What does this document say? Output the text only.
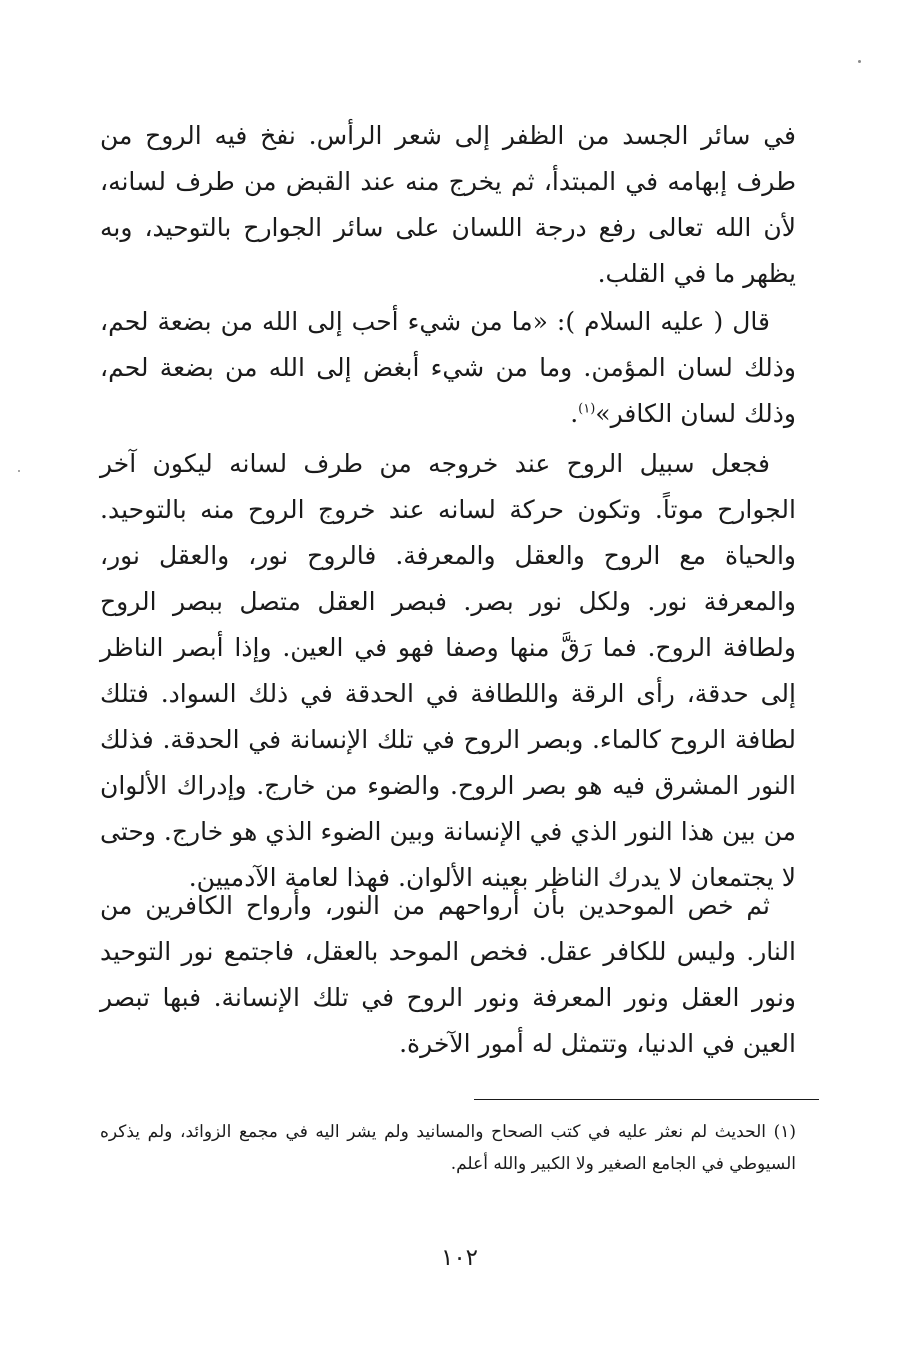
في سائر الجسد من الظفر إلى شعر الرأس. نفخ فيه الروح من طرف إبهامه في المبتدأ، ثم يخرج منه عند القبض من طرف لسانه، لأن الله تعالى رفع درجة اللسان على سائر الجوارح بالتوحيد، وبه يظهر ما في القلب.

قال ( عليه السلام ): «ما من شيء أحب إلى الله من بضعة لحم، وذلك لسان المؤمن. وما من شيء أبغض إلى الله من بضعة لحم، وذلك لسان الكافر»$^{(١)}$.

فجعل سبيل الروح عند خروجه من طرف لسانه ليكون آخر الجوارح موتاً. وتكون حركة لسانه عند خروج الروح منه بالتوحيد. والحياة مع الروح والعقل والمعرفة. فالروح نور، والعقل نور، والمعرفة نور. ولكل نور بصر. فبصر العقل متصل ببصر الروح ولطافة الروح. فما رَقَّ منها وصفا فهو في العين. وإذا أبصر الناظر إلى حدقة، رأى الرقة واللطافة في الحدقة في ذلك السواد. فتلك لطافة الروح كالماء. وبصر الروح في تلك الإنسانة في الحدقة. فذلك النور المشرق فيه هو بصر الروح. والضوء من خارج. وإدراك الألوان من بين هذا النور الذي في الإنسانة وبين الضوء الذي هو خارج. وحتى لا يجتمعان لا يدرك الناظر بعينه الألوان. فهذا لعامة الآدميين.

ثم خص الموحدين بأن أرواحهم من النور، وأرواح الكافرين من النار. وليس للكافر عقل. فخص الموحد بالعقل، فاجتمع نور التوحيد ونور العقل ونور المعرفة ونور الروح في تلك الإنسانة. فبها تبصر العين في الدنيا، وتتمثل له أمور الآخرة.

(١) الحديث لم نعثر عليه في كتب الصحاح والمسانيد ولم يشر اليه في مجمع الزوائد، ولم يذكره السيوطي في الجامع الصغير ولا الكبير والله أعلم.

١٠٢
